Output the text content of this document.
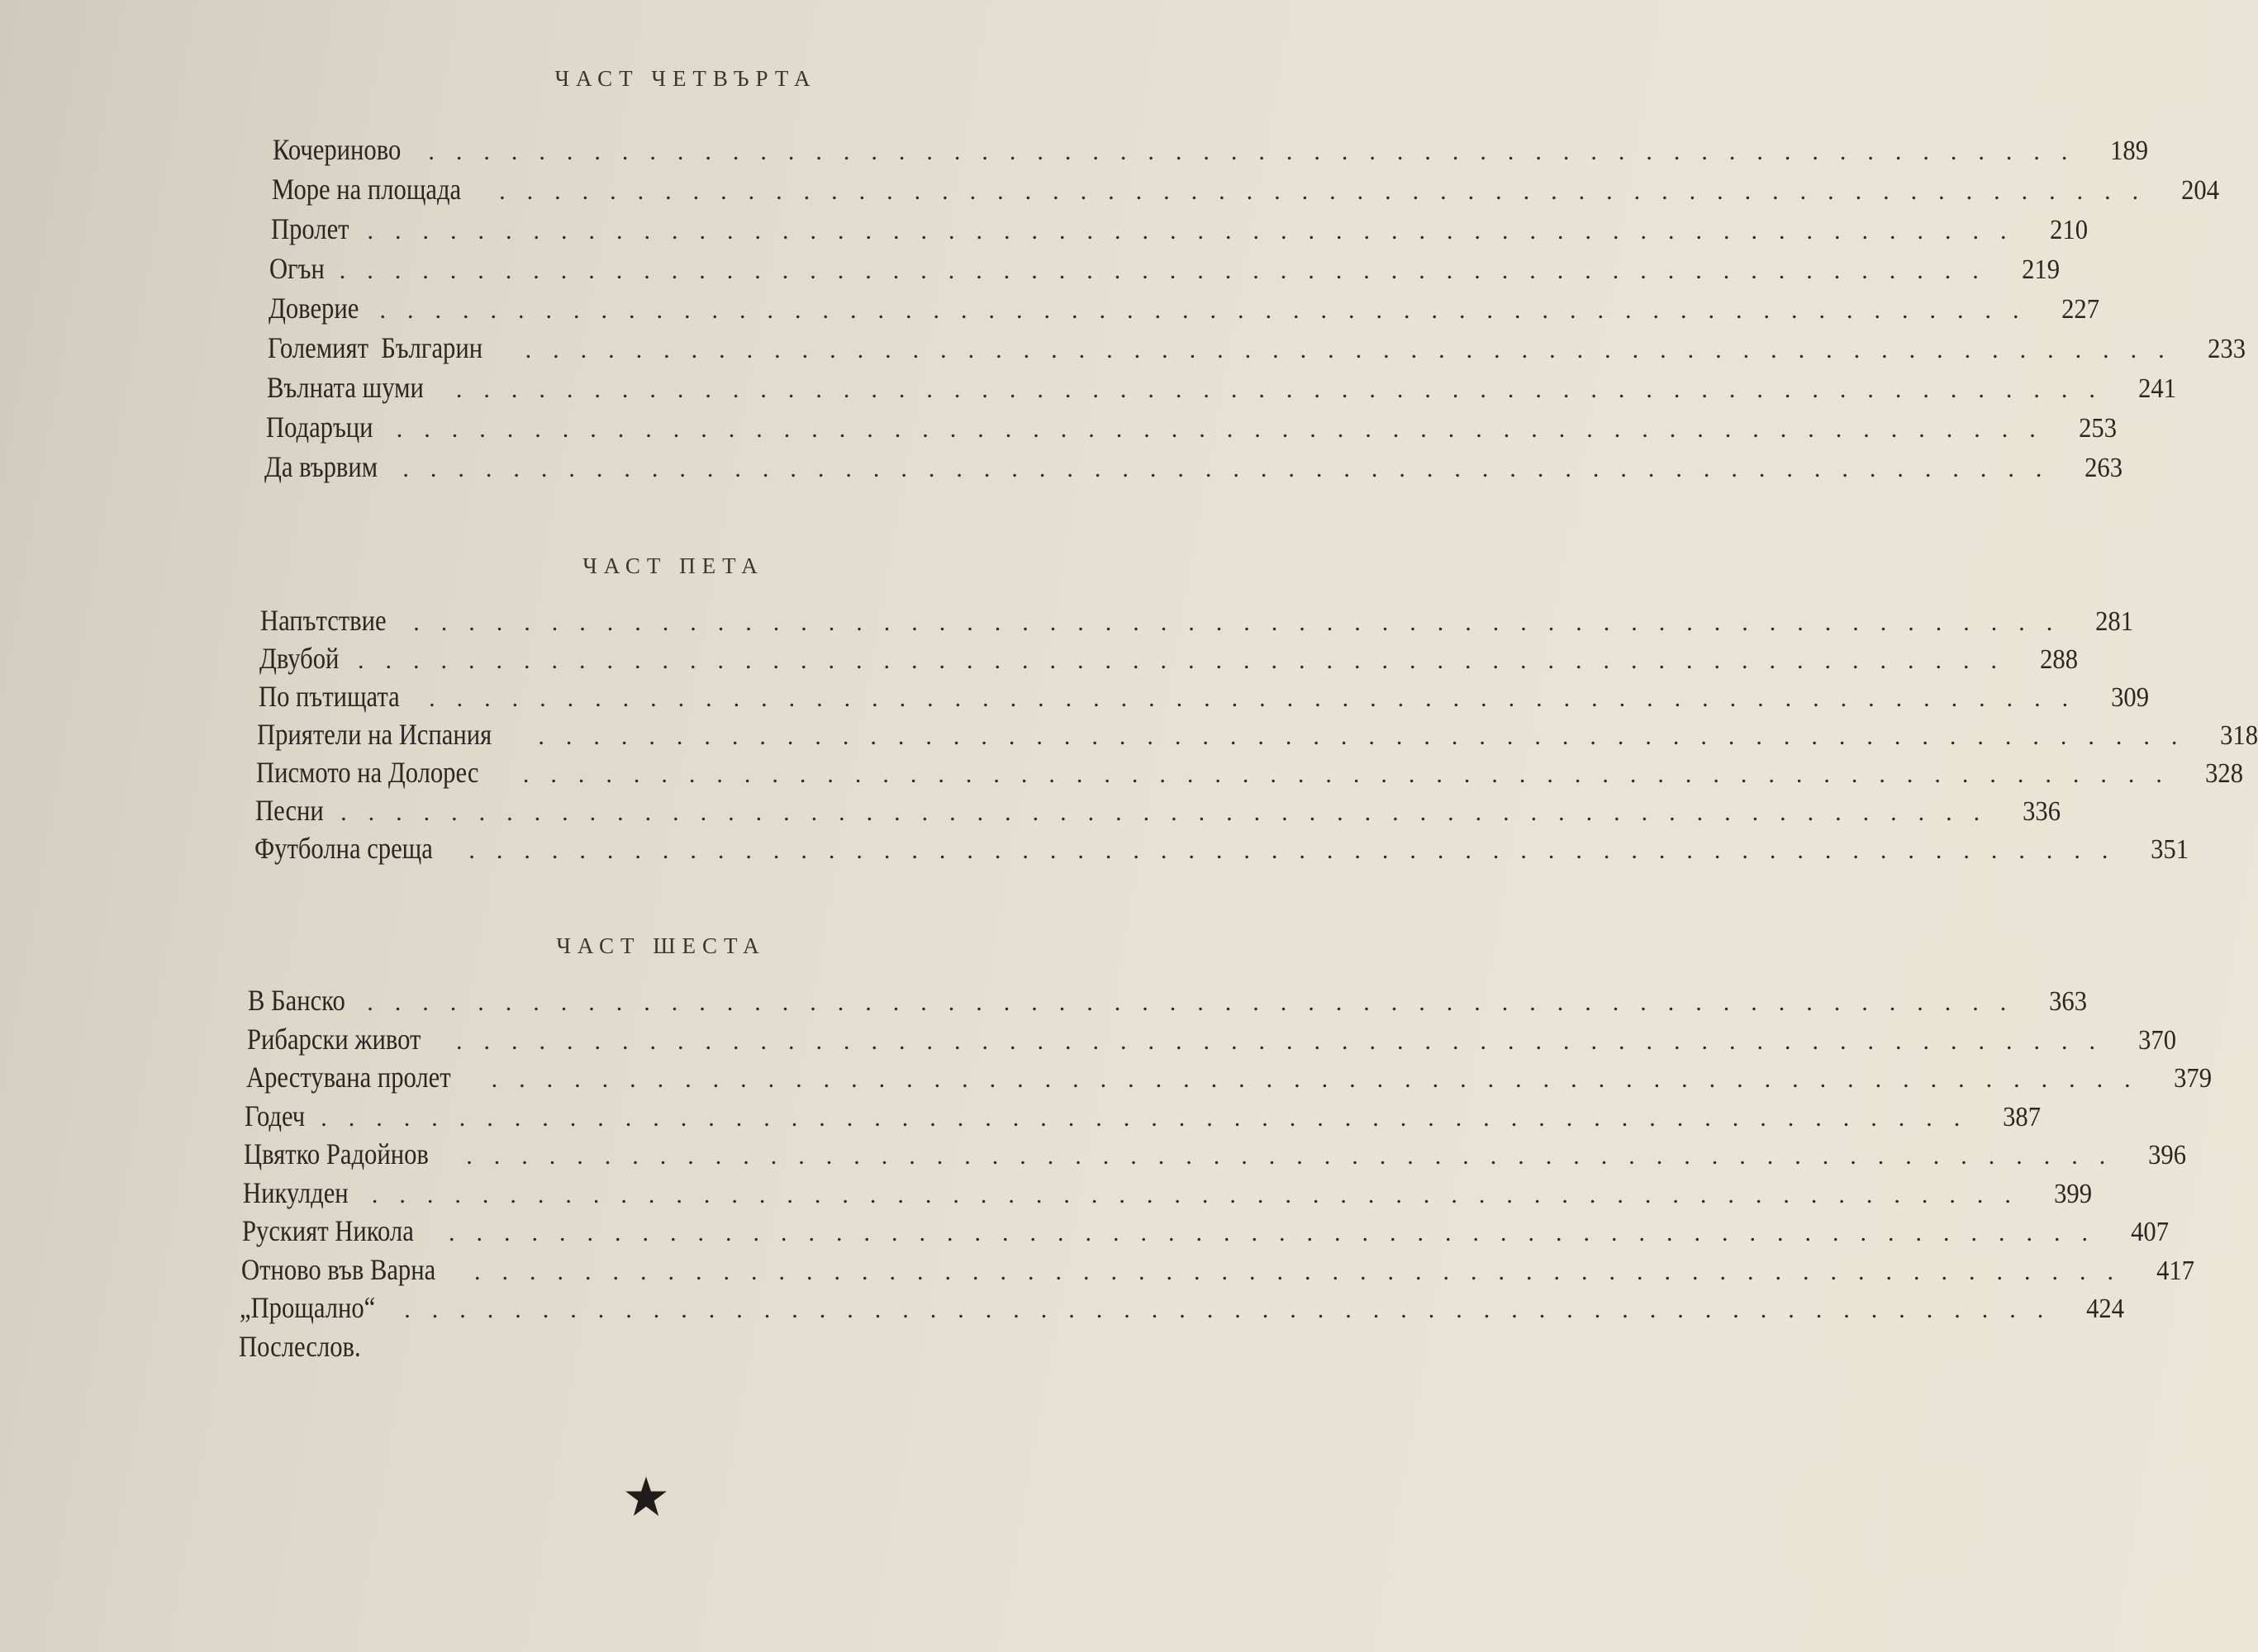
ЧАСТ ЧЕТВЪРТА
Кочериново ............................................................ 189
Море на площада ............................................................ 204
Пролет ............................................................ 210
Огън ............................................................ 219
Доверие ............................................................ 227
Големият  Българин ............................................................ 233
Вълната шуми ............................................................ 241
Подаръци ............................................................ 253
Да вървим ............................................................ 263
ЧАСТ ПЕТА
Напътствие ............................................................ 281
Двубой ............................................................ 288
По пътищата ............................................................ 309
Приятели на Испания ............................................................ 318
Писмото на Долорес ............................................................ 328
Песни ............................................................ 336
Футболна среща ............................................................ 351
ЧАСТ ШЕСТА
В Банско ............................................................ 363
Рибарски живот ............................................................ 370
Арестувана пролет ............................................................ 379
Годеч ............................................................ 387
Цвятко Радойнов ............................................................ 396
Никулден ............................................................ 399
Руският Никола ............................................................ 407
Отново във Варна ............................................................ 417
„Прощално“ ............................................................ 424
Послеслов.
